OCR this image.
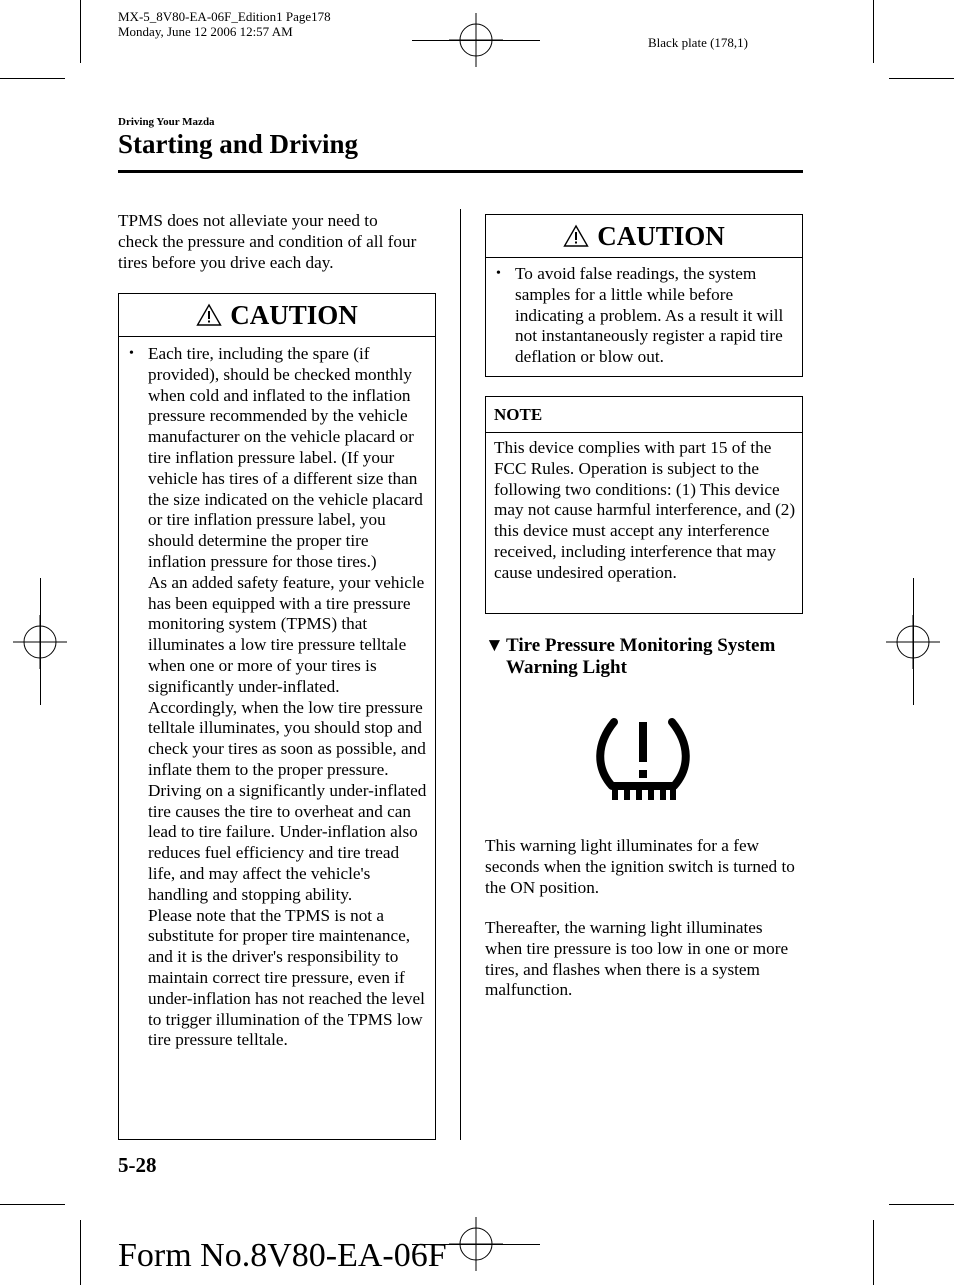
MX-5_8V80-EA-06F_Edition1 Page178
Monday, June 12 2006 12:57 AM
Black plate (178,1)
Driving Your Mazda
Starting and Driving
TPMS does not alleviate your need to check the pressure and condition of all four tires before you drive each day.
CAUTION
• Each tire, including the spare (if provided), should be checked monthly when cold and inflated to the inflation pressure recommended by the vehicle manufacturer on the vehicle placard or tire inflation pressure label. (If your vehicle has tires of a different size than the size indicated on the vehicle placard or tire inflation pressure label, you should determine the proper tire inflation pressure for those tires.)
As an added safety feature, your vehicle has been equipped with a tire pressure monitoring system (TPMS) that illuminates a low tire pressure telltale when one or more of your tires is significantly under-inflated. Accordingly, when the low tire pressure telltale illuminates, you should stop and check your tires as soon as possible, and inflate them to the proper pressure. Driving on a significantly under-inflated tire causes the tire to overheat and can lead to tire failure. Under-inflation also reduces fuel efficiency and tire tread life, and may affect the vehicle's handling and stopping ability.
Please note that the TPMS is not a substitute for proper tire maintenance, and it is the driver's responsibility to maintain correct tire pressure, even if under-inflation has not reached the level to trigger illumination of the TPMS low tire pressure telltale.
CAUTION
• To avoid false readings, the system samples for a little while before indicating a problem. As a result it will not instantaneously register a rapid tire deflation or blow out.
NOTE
This device complies with part 15 of the FCC Rules. Operation is subject to the following two conditions: (1) This device may not cause harmful interference, and (2) this device must accept any interference received, including interference that may cause undesired operation.
▼ Tire Pressure Monitoring System
Warning Light
This warning light illuminates for a few seconds when the ignition switch is turned to the ON position.
Thereafter, the warning light illuminates when tire pressure is too low in one or more tires, and flashes when there is a system malfunction.
5-28
Form No.8V80-EA-06F
